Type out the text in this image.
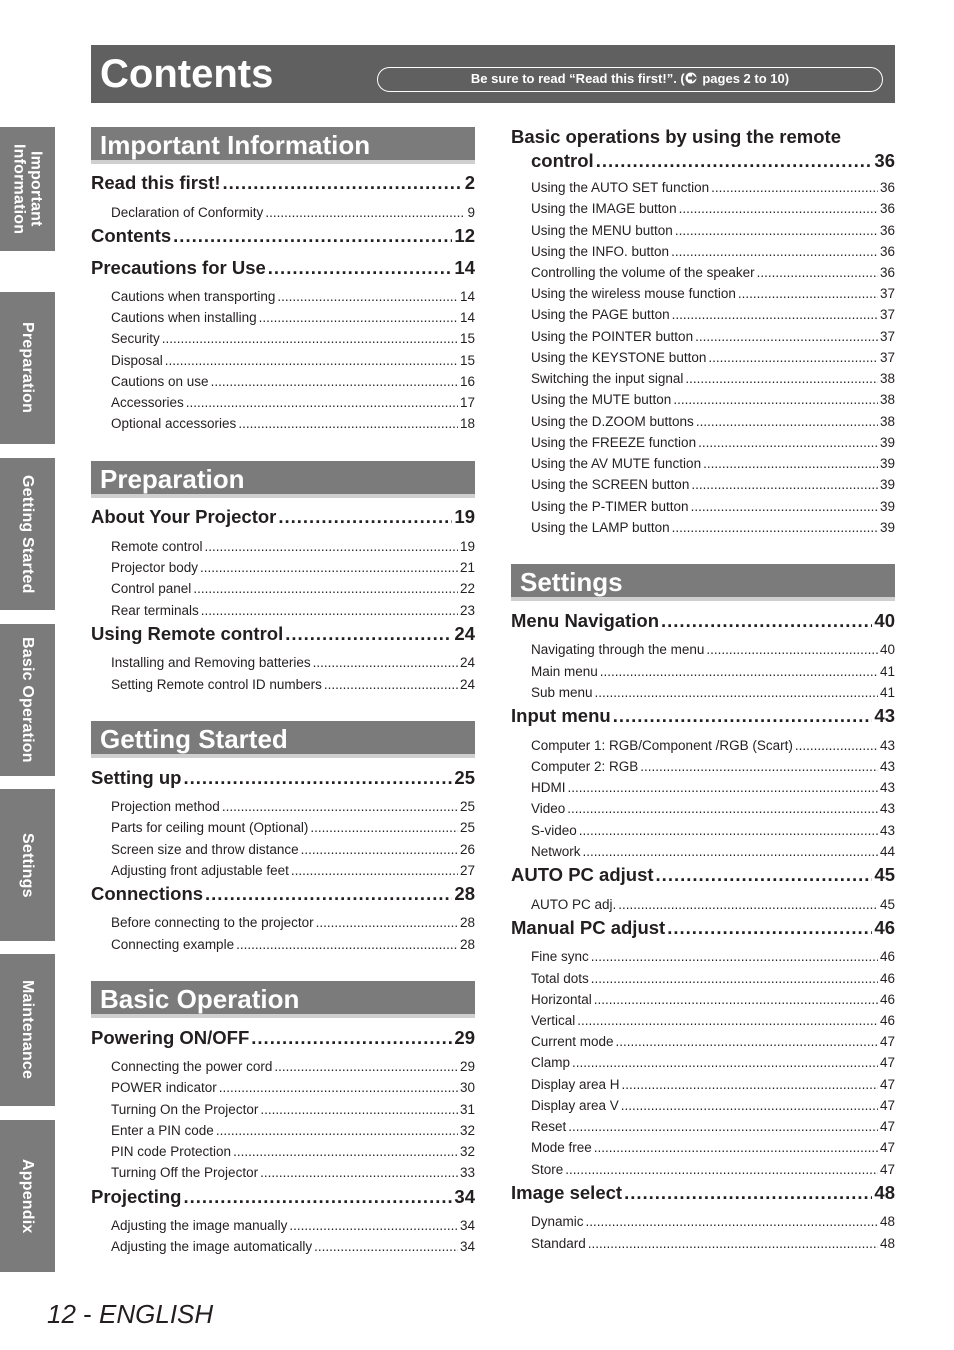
Contents	Be sure to read “Read this first!”. ( pages 2 to 10)
Important
Information
Preparation
Getting Started
Basic Operation
Settings
Maintenance
Appendix
Important Information
Read this first! .....	2
Declaration of Conformity .....	9
Contents .....	12
Precautions for Use .....	14
Cautions when transporting .....	14
Cautions when installing .....	14
Security .....	15
Disposal .....	15
Cautions on use .....	16
Accessories .....	17
Optional accessories .....	18
Preparation
About Your Projector .....	19
Remote control .....	19
Projector body .....	21
Control panel .....	22
Rear terminals .....	23
Using Remote control .....	24
Installing and Removing batteries .....	24
Setting Remote control ID numbers .....	24
Getting Started
Setting up .....	25
Projection method .....	25
Parts for ceiling mount (Optional) .....	25
Screen size and throw distance .....	26
Adjusting front adjustable feet .....	27
Connections .....	28
Before connecting to the projector .....	28
Connecting example .....	28
Basic Operation
Powering ON/OFF .....	29
Connecting the power cord .....	29
POWER indicator .....	30
Turning On the Projector .....	31
Enter a PIN code .....	32
PIN code Protection .....	32
Turning Off the Projector .....	33
Projecting .....	34
Adjusting the image manually .....	34
Adjusting the image automatically .....	34
Basic operations by using the remote
control .....	36
Using the AUTO SET function .....	36
Using the IMAGE button .....	36
Using the MENU button .....	36
Using the INFO. button .....	36
Controlling the volume of the speaker .....	36
Using the wireless mouse function .....	37
Using the PAGE button .....	37
Using the POINTER button .....	37
Using the KEYSTONE button .....	37
Switching the input signal .....	38
Using the MUTE button .....	38
Using the D.ZOOM buttons .....	38
Using the FREEZE function .....	39
Using the AV MUTE function .....	39
Using the SCREEN button .....	39
Using the P-TIMER button .....	39
Using the LAMP button .....	39
Settings
Menu Navigation .....	40
Navigating through the menu .....	40
Main menu .....	41
Sub menu .....	41
Input menu .....	43
Computer 1: RGB/Component /RGB (Scart) .....	43
Computer 2: RGB .....	43
HDMI .....	43
Video .....	43
S-video .....	43
Network .....	44
AUTO PC adjust .....	45
AUTO PC adj. .....	45
Manual PC adjust .....	46
Fine sync .....	46
Total dots .....	46
Horizontal .....	46
Vertical .....	46
Current mode .....	47
Clamp .....	47
Display area H .....	47
Display area V .....	47
Reset .....	47
Mode free .....	47
Store .....	47
Image select .....	48
Dynamic .....	48
Standard .....	48
12 - ENGLISH
